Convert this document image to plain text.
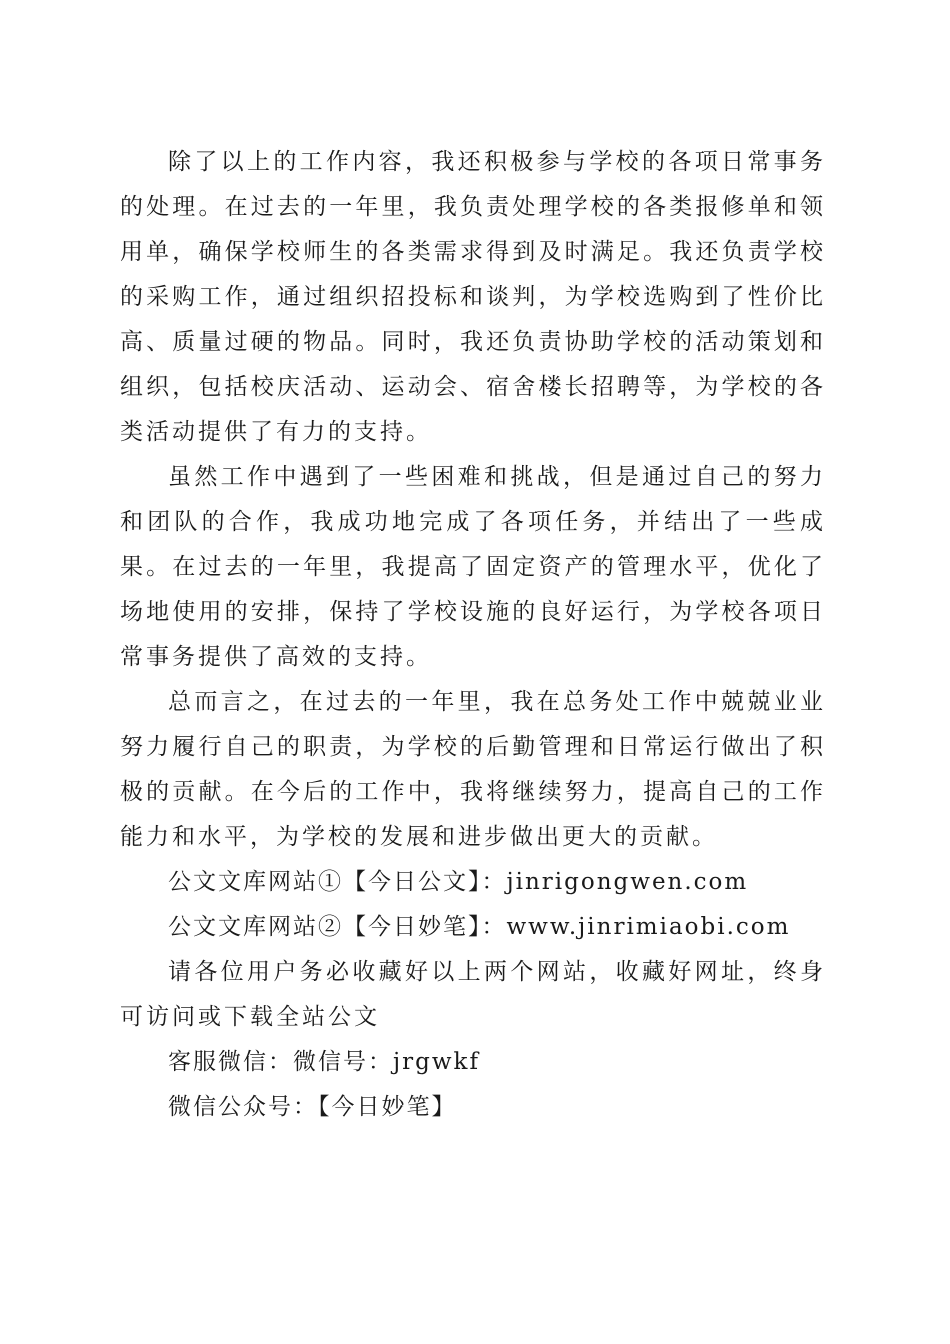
除了以上的工作内容，我还积极参与学校的各项日常事务的处理。在过去的一年里，我负责处理学校的各类报修单和领用单，确保学校师生的各类需求得到及时满足。我还负责学校的采购工作，通过组织招投标和谈判，为学校选购到了性价比高、质量过硬的物品。同时，我还负责协助学校的活动策划和组织，包括校庆活动、运动会、宿舍楼长招聘等，为学校的各类活动提供了有力的支持。

虽然工作中遇到了一些困难和挑战，但是通过自己的努力和团队的合作，我成功地完成了各项任务，并结出了一些成果。在过去的一年里，我提高了固定资产的管理水平，优化了场地使用的安排，保持了学校设施的良好运行，为学校各项日常事务提供了高效的支持。

总而言之，在过去的一年里，我在总务处工作中兢兢业业努力履行自己的职责，为学校的后勤管理和日常运行做出了积极的贡献。在今后的工作中，我将继续努力，提高自己的工作能力和水平，为学校的发展和进步做出更大的贡献。

公文文库网站①【今日公文】：jinrigongwen.com

公文文库网站②【今日妙笔】：www.jinrimiaobi.com

请各位用户务必收藏好以上两个网站，收藏好网址，终身可访问或下载全站公文

客服微信：微信号：jrgwkf

微信公众号：【今日妙笔】
